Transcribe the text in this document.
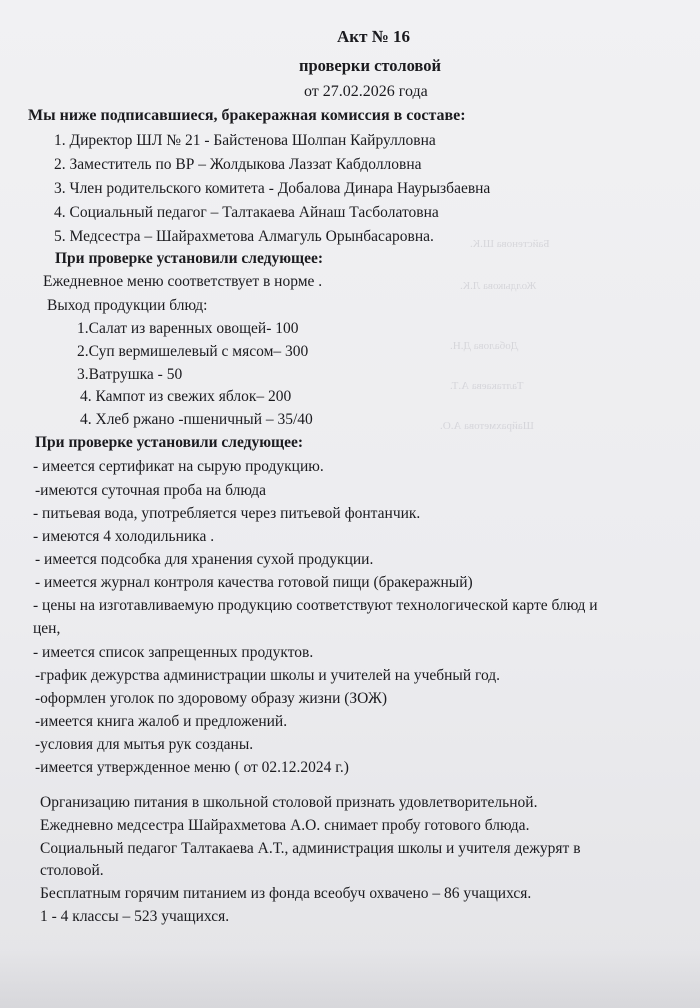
Байстенова Ш.К.
Жолдыкова Л.К.
Добалова Д.Н.
Талтакаева А.Т.
Шайрахметова А.О.
Акт № 16
проверки столовой
от 27.02.2026 года
Мы ниже подписавшиеся, бракеражная комиссия в составе:
1. Директор ШЛ № 21 - Байстенова Шолпан Кайрулловна
2. Заместитель по ВР – Жолдыкова Лаззат Кабдолловна
3. Член родительского комитета - Добалова Динара Наурызбаевна
4. Социальный педагог – Талтакаева Айнаш Тасболатовна
5. Медсестра – Шайрахметова Алмагуль Орынбасаровна.
При проверке установили следующее:
Ежедневное меню соответствует в норме .
Выход продукции блюд:
1.Салат из варенных овощей- 100
2.Суп вермишелевый с мясом– 300
3.Ватрушка - 50
4. Кампот из свежих яблок– 200
4. Хлеб ржано -пшеничный – 35/40
При проверке установили следующее:
- имеется сертификат на сырую продукцию.
-имеются суточная проба на блюда
- питьевая вода, употребляется через питьевой фонтанчик.
- имеются 4 холодильника .
- имеется подсобка для хранения сухой продукции.
- имеется журнал контроля качества готовой пищи (бракеражный)
- цены на изготавливаемую продукцию соответствуют технологической карте блюд и
цен,
- имеется список запрещенных продуктов.
-график дежурства администрации школы и учителей на учебный год.
-оформлен уголок по здоровому образу жизни (ЗОЖ)
-имеется книга жалоб и предложений.
-условия для мытья рук созданы.
-имеется утвержденное меню ( от 02.12.2024 г.)
Организацию питания в школьной столовой признать удовлетворительной.
Ежедневно медсестра Шайрахметова А.О. снимает пробу готового блюда.
Социальный педагог Талтакаева А.Т., администрация школы и учителя дежурят в
столовой.
Бесплатным горячим питанием из фонда всеобуч охвачено – 86 учащихся.
1 - 4 классы – 523 учащихся.
